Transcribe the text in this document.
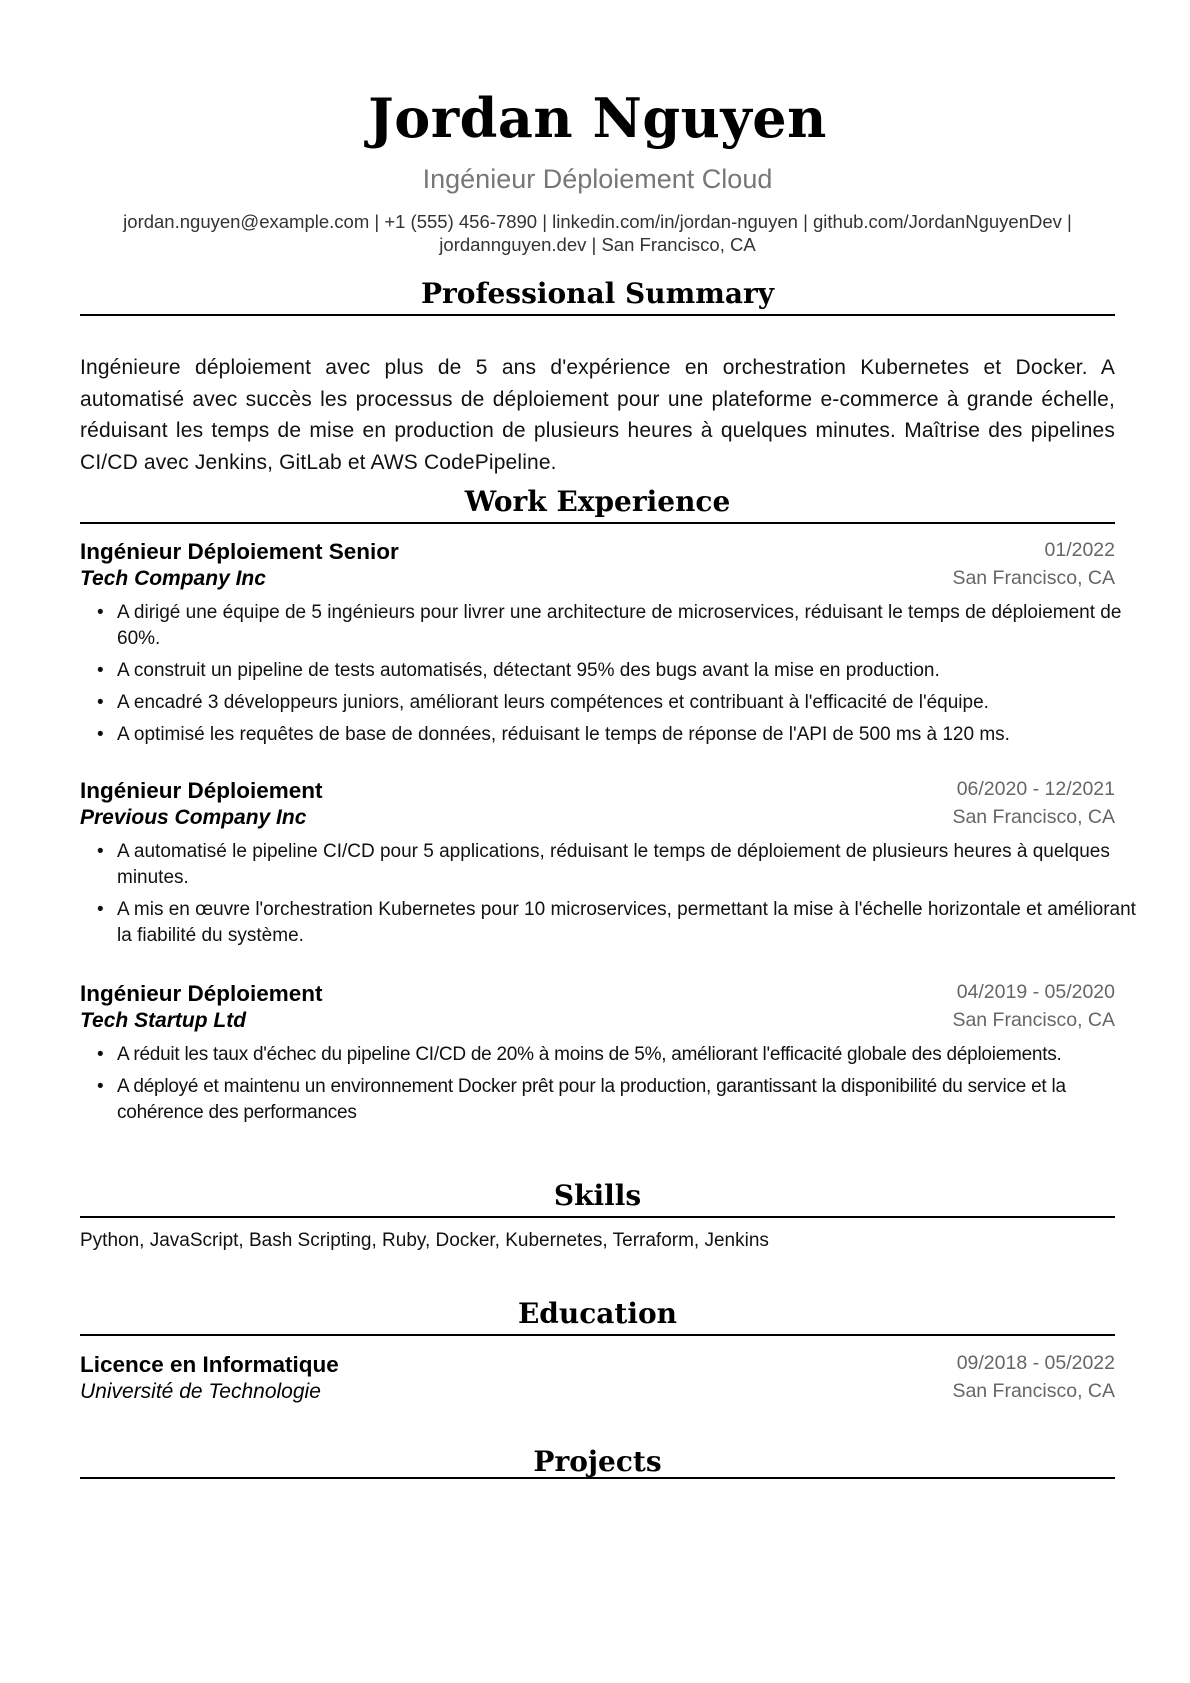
Jordan Nguyen
Ingénieur Déploiement Cloud
jordan.nguyen@example.com | +1 (555) 456-7890 | linkedin.com/in/jordan-nguyen | github.com/JordanNguyenDev |
jordannguyen.dev | San Francisco, CA
Professional Summary
Ingénieure déploiement avec plus de 5 ans d'expérience en orchestration Kubernetes et Docker. A automatisé avec succès les processus de déploiement pour une plateforme e-commerce à grande échelle, réduisant les temps de mise en production de plusieurs heures à quelques minutes. Maîtrise des pipelines CI/CD avec Jenkins, GitLab et AWS CodePipeline.
Work Experience
Ingénieur Déploiement Senior	01/2022
Tech Company Inc	San Francisco, CA
• A dirigé une équipe de 5 ingénieurs pour livrer une architecture de microservices, réduisant le temps de déploiement de 60%.
• A construit un pipeline de tests automatisés, détectant 95% des bugs avant la mise en production.
• A encadré 3 développeurs juniors, améliorant leurs compétences et contribuant à l'efficacité de l'équipe.
• A optimisé les requêtes de base de données, réduisant le temps de réponse de l'API de 500 ms à 120 ms.
Ingénieur Déploiement	06/2020 - 12/2021
Previous Company Inc	San Francisco, CA
• A automatisé le pipeline CI/CD pour 5 applications, réduisant le temps de déploiement de plusieurs heures à quelques minutes.
• A mis en œuvre l'orchestration Kubernetes pour 10 microservices, permettant la mise à l'échelle horizontale et améliorant la fiabilité du système.
Ingénieur Déploiement	04/2019 - 05/2020
Tech Startup Ltd	San Francisco, CA
• A réduit les taux d'échec du pipeline CI/CD de 20% à moins de 5%, améliorant l'efficacité globale des déploiements.
• A déployé et maintenu un environnement Docker prêt pour la production, garantissant la disponibilité du service et la cohérence des performances
Skills
Python, JavaScript, Bash Scripting, Ruby, Docker, Kubernetes, Terraform, Jenkins
Education
Licence en Informatique	09/2018 - 05/2022
Université de Technologie	San Francisco, CA
Projects
